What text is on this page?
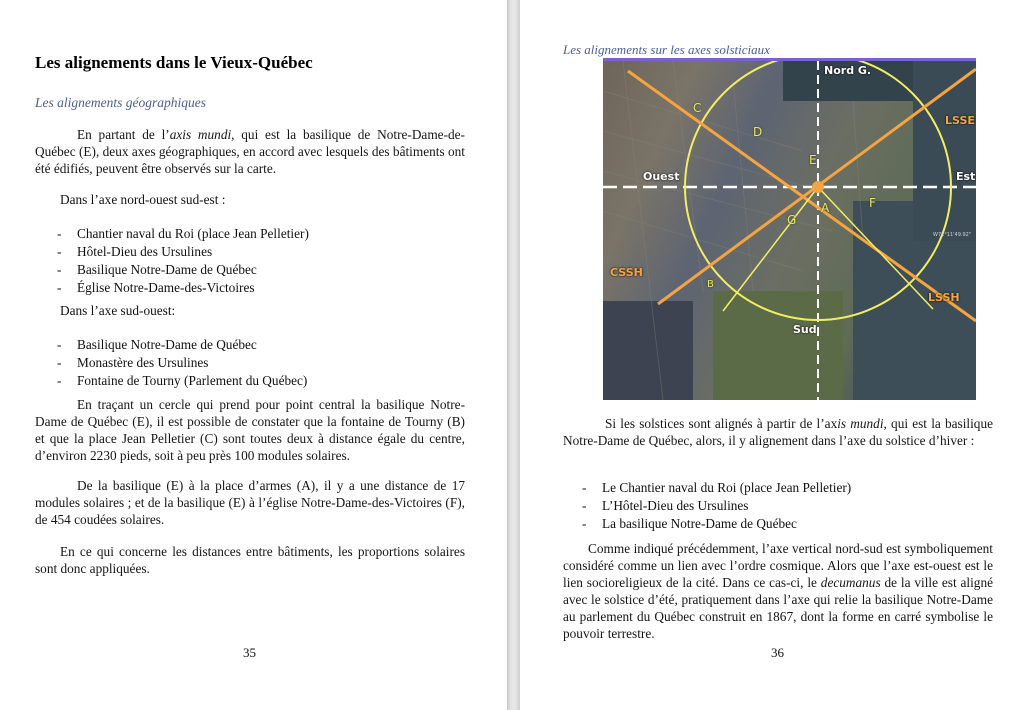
Les alignements dans le Vieux-Québec

Les alignements géographiques

En partant de l’axis mundi, qui est la basilique de Notre-Dame-de-Québec (E), deux axes géographiques, en accord avec lesquels des bâtiments ont été édifiés, peuvent être observés sur la carte.

Dans l’axe nord-ouest sud-est :

- Chantier naval du Roi (place Jean Pelletier)
- Hôtel-Dieu des Ursulines
- Basilique Notre-Dame de Québec
- Église Notre-Dame-des-Victoires

Dans l’axe sud-ouest:

- Basilique Notre-Dame de Québec
- Monastère des Ursulines
- Fontaine de Tourny (Parlement du Québec)

En traçant un cercle qui prend pour point central la basilique Notre-Dame de Québec (E), il est possible de constater que la fontaine de Tourny (B) et que la place Jean Pelletier (C) sont toutes deux à distance égale du centre, d’environ 2230 pieds, soit à peu près 100 modules solaires.

De la basilique (E) à la place d’armes (A), il y a une distance de 17 modules solaires ; et de la basilique (E) à l’église Notre-Dame-des-Victoires (F), de 454 coudées solaires.

En ce qui concerne les distances entre bâtiments, les proportions solaires sont donc appliquées.

35

Les alignements sur les axes solsticiaux

Nord G.
Ouest	Est
Sud
LSSE
LSSH
CSSH
A
B
C
D
E
F
G
W71°11'49.92"

Si les solstices sont alignés à partir de l’axis mundi, qui est la basilique Notre-Dame de Québec, alors, il y alignement dans l’axe du solstice d’hiver :

- Le Chantier naval du Roi (place Jean Pelletier)
- L’Hôtel-Dieu des Ursulines
- La basilique Notre-Dame de Québec

Comme indiqué précédemment, l’axe vertical nord-sud est symboliquement considéré comme un lien avec l’ordre cosmique. Alors que l’axe est-ouest est le lien socioreligieux de la cité. Dans ce cas-ci, le decumanus de la ville est aligné avec le solstice d’été, pratiquement dans l’axe qui relie la basilique Notre-Dame au parlement du Québec construit en 1867, dont la forme en carré symbolise le pouvoir terrestre.

36
